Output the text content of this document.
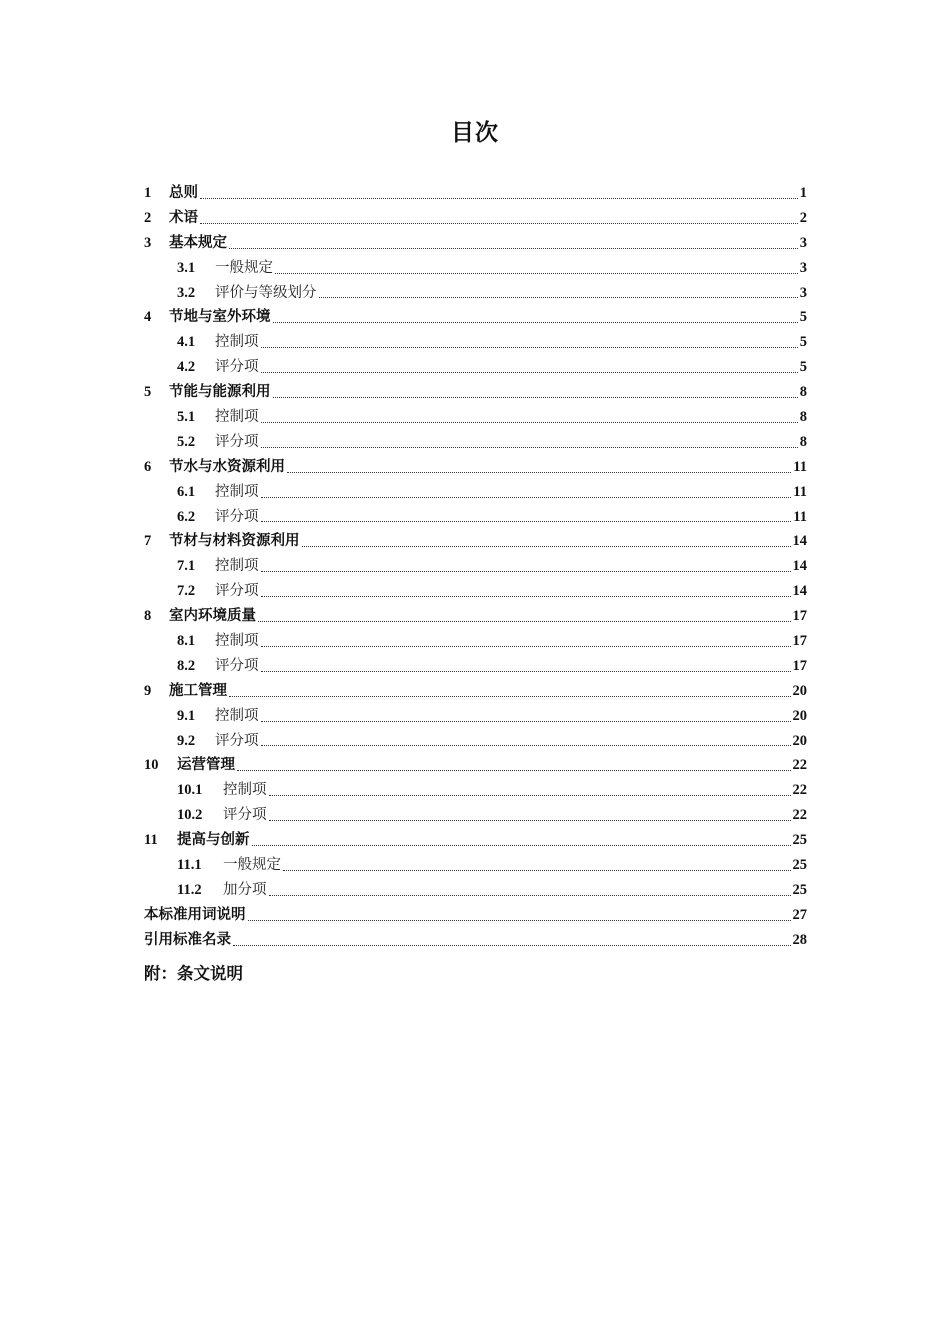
目次
1	总则	1
2	术语	2
3	基本规定	3
3.1	一般规定	3
3.2	评价与等级划分	3
4	节地与室外环境	5
4.1	控制项	5
4.2	评分项	5
5	节能与能源利用	8
5.1	控制项	8
5.2	评分项	8
6	节水与水资源利用	11
6.1	控制项	11
6.2	评分项	11
7	节材与材料资源利用	14
7.1	控制项	14
7.2	评分项	14
8	室内环境质量	17
8.1	控制项	17
8.2	评分项	17
9	施工管理	20
9.1	控制项	20
9.2	评分项	20
10	运营管理	22
10.1	控制项	22
10.2	评分项	22
11	提高与创新	25
11.1	一般规定	25
11.2	加分项	25
本标准用词说明	27
引用标准名录	28
附：条文说明
